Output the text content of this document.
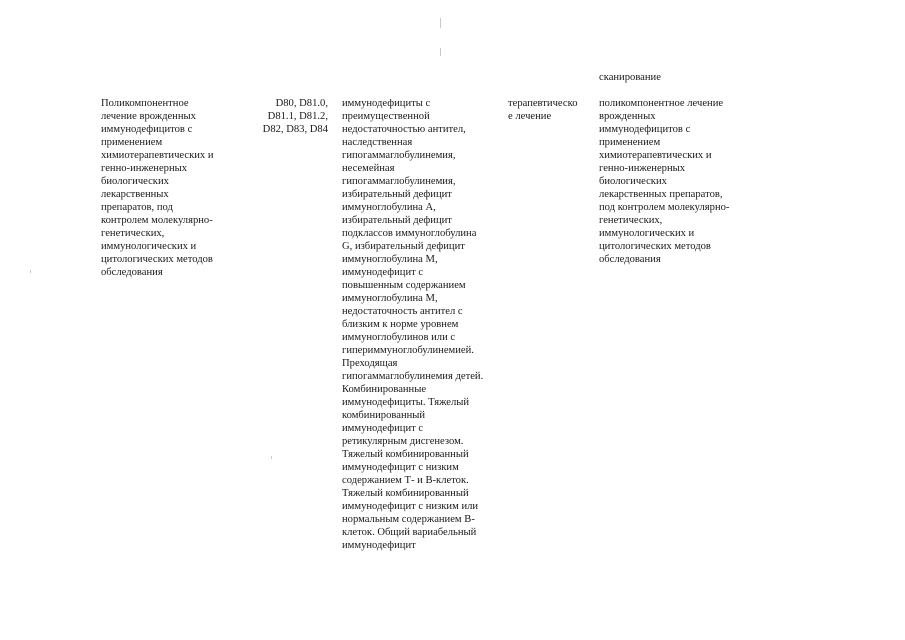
сканирование
Поликомпонентное
лечение врожденных
иммунодефицитов с
применением
химиотерапевтических и
генно-инженерных
биологических
лекарственных
препаратов, под
контролем молекулярно-
генетических,
иммунологических и
цитологических методов
обследования
D80, D81.0,
D81.1, D81.2,
D82, D83, D84
иммунодефициты с
преимущественной
недостаточностью антител,
наследственная
гипогаммаглобулинемия,
несемейная
гипогаммаглобулинемия,
избирательный дефицит
иммуноглобулина А,
избирательный дефицит
подклассов иммуноглобулина
G, избирательный дефицит
иммуноглобулина М,
иммунодефицит с
повышенным содержанием
иммуноглобулина М,
недостаточность антител с
близким к норме уровнем
иммуноглобулинов или с
гипериммуноглобулинемией.
Преходящая
гипогаммаглобулинемия детей.
Комбинированные
иммунодефициты. Тяжелый
комбинированный
иммунодефицит с
ретикулярным дисгенезом.
Тяжелый комбинированный
иммунодефицит с низким
содержанием Т- и В-клеток.
Тяжелый комбинированный
иммунодефицит с низким или
нормальным содержанием В-
клеток. Общий вариабельный
иммунодефицит
терапевтическо
е лечение
поликомпонентное лечение
врожденных
иммунодефицитов с
применением
химиотерапевтических и
генно-инженерных
биологических
лекарственных препаратов,
под контролем молекулярно-
генетических,
иммунологических и
цитологических методов
обследования
